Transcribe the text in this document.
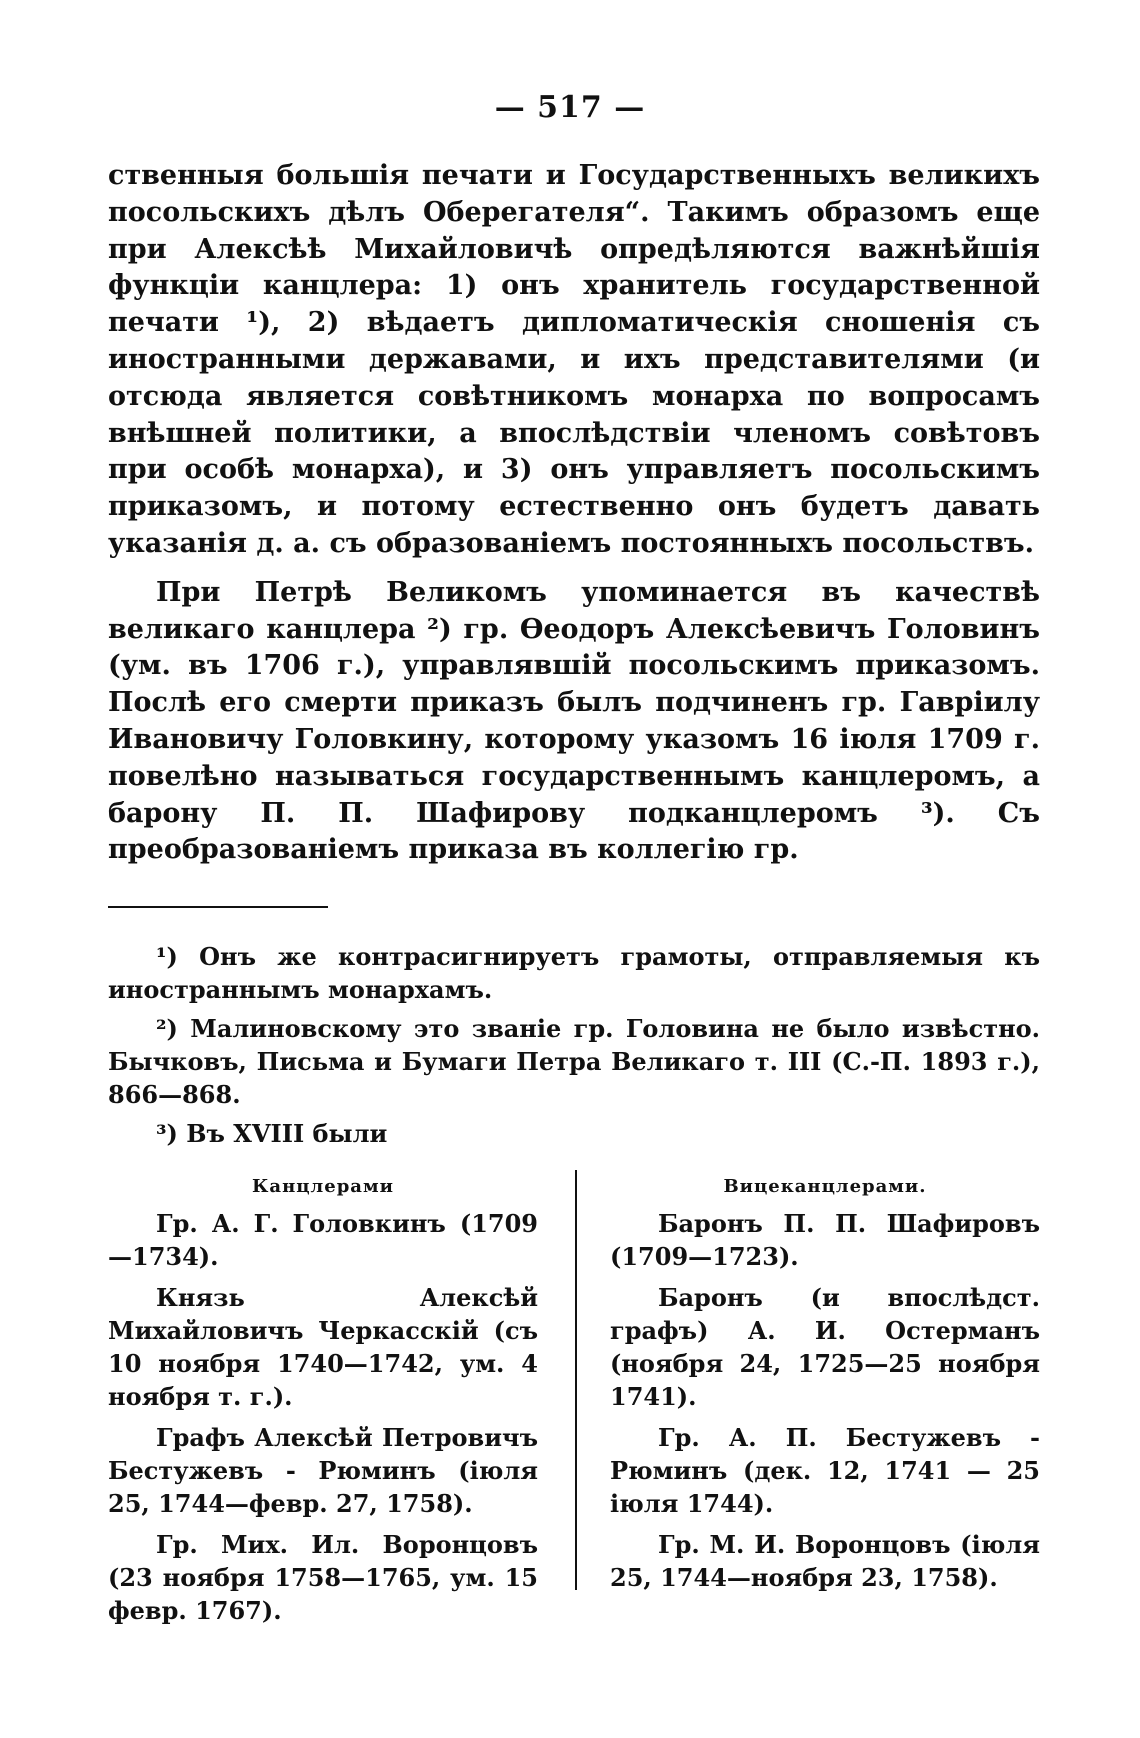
— 517 —

ственныя большія печати и Государственныхъ великихъ посольскихъ дѣлъ Оберегателя“. Такимъ образомъ еще при Алексѣѣ Михайловичѣ опредѣляются важнѣйшія функціи канцлера: 1) онъ хранитель государственной печати ¹), 2) вѣдаетъ дипломатическія сношенія съ иностранными державами, и ихъ представителями (и отсюда является совѣтникомъ монарха по вопросамъ внѣшней политики, а впослѣдствіи членомъ совѣтовъ при особѣ монарха), и 3) онъ управляетъ посольскимъ приказомъ, и потому естественно онъ будетъ давать указанія д. а. съ образованіемъ постоянныхъ посольствъ.

При Петрѣ Великомъ упоминается въ качествѣ великаго канцлера ²) гр. Ѳеодоръ Алексѣевичъ Головинъ (ум. въ 1706 г.), управлявшій посольскимъ приказомъ. Послѣ его смерти приказъ былъ подчиненъ гр. Гавріилу Ивановичу Головкину, которому указомъ 16 іюля 1709 г. повелѣно называться государственнымъ канцлеромъ, а барону П. П. Шафирову подканцлеромъ ³). Съ преобразованіемъ приказа въ коллегію гр.

¹) Онъ же контрасигнируетъ грамоты, отправляемыя къ иностраннымъ монархамъ.

²) Малиновскому это званіе гр. Головина не было извѣстно. Бычковъ, Письма и Бумаги Петра Великаго т. III (С.-П. 1893 г.), 866—868.

³) Въ XVIII были

Канцлерами

Гр. А. Г. Головкинъ (1709—1734).

Князь Алексѣй Михайловичъ Черкасскій (съ 10 ноября 1740—1742, ум. 4 ноября т. г.).

Графъ Алексѣй Петровичъ Бестужевъ - Рюминъ (іюля 25, 1744—февр. 27, 1758).

Гр. Мих. Ил. Воронцовъ (23 ноября 1758—1765, ум. 15 февр. 1767).

Вицеканцлерами.

Баронъ П. П. Шафировъ (1709—1723).

Баронъ (и впослѣдст. графъ) А. И. Остерманъ (ноября 24, 1725—25 ноября 1741).

Гр. А. П. Бестужевъ - Рюминъ (дек. 12, 1741 — 25 іюля 1744).

Гр. М. И. Воронцовъ (іюля 25, 1744—ноября 23, 1758).
